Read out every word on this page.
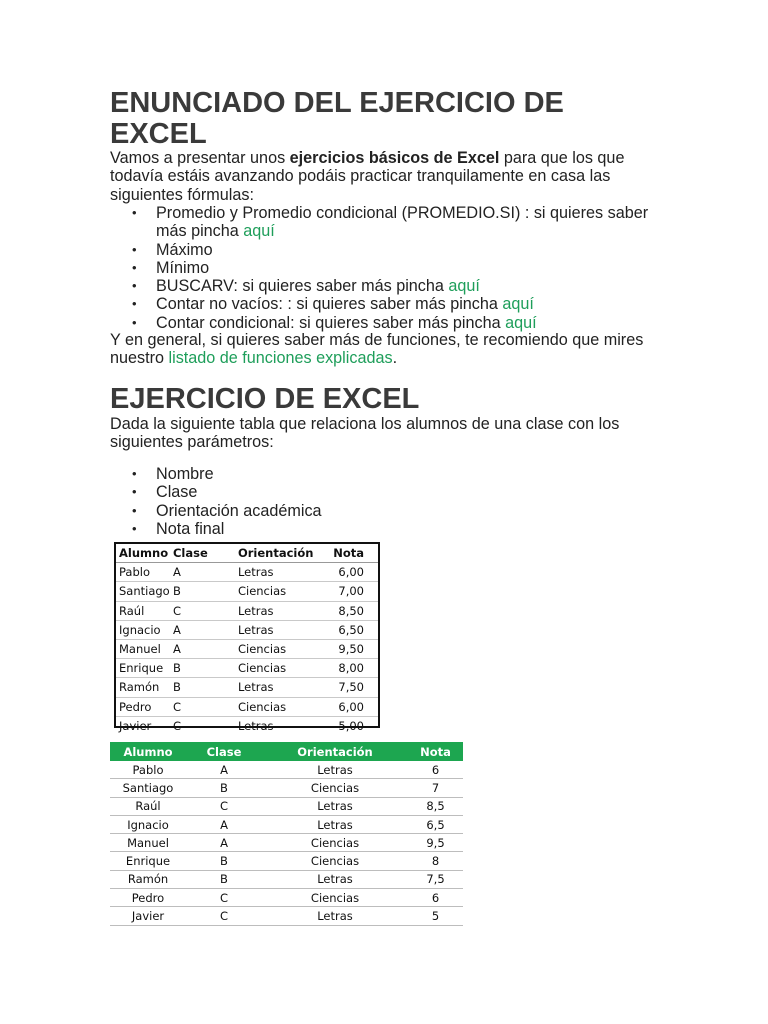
ENUNCIADO DEL EJERCICIO DE
EXCEL

Vamos a presentar unos ejercicios básicos de Excel para que los que todavía estáis avanzando podáis practicar tranquilamente en casa las siguientes fórmulas:

• Promedio y Promedio condicional (PROMEDIO.SI) : si quieres saber más pincha aquí
• Máximo
• Mínimo
• BUSCARV: si quieres saber más pincha aquí
• Contar no vacíos: : si quieres saber más pincha aquí
• Contar condicional: si quieres saber más pincha aquí

Y en general, si quieres saber más de funciones, te recomiendo que mires nuestro listado de funciones explicadas.

EJERCICIO DE EXCEL

Dada la siguiente tabla que relaciona los alumnos de una clase con los siguientes parámetros:

• Nombre
• Clase
• Orientación académica
• Nota final
Alumno	Clase	Orientación	Nota
Pablo	A	Letras	6,00
Santiago	B	Ciencias	7,00
Raúl	C	Letras	8,50
Ignacio	A	Letras	6,50
Manuel	A	Ciencias	9,50
Enrique	B	Ciencias	8,00
Ramón	B	Letras	7,50
Pedro	C	Ciencias	6,00
Javier	C	Letras	5,00
Alumno	Clase	Orientación	Nota
Pablo	A	Letras	6
Santiago	B	Ciencias	7
Raúl	C	Letras	8,5
Ignacio	A	Letras	6,5
Manuel	A	Ciencias	9,5
Enrique	B	Ciencias	8
Ramón	B	Letras	7,5
Pedro	C	Ciencias	6
Javier	C	Letras	5
